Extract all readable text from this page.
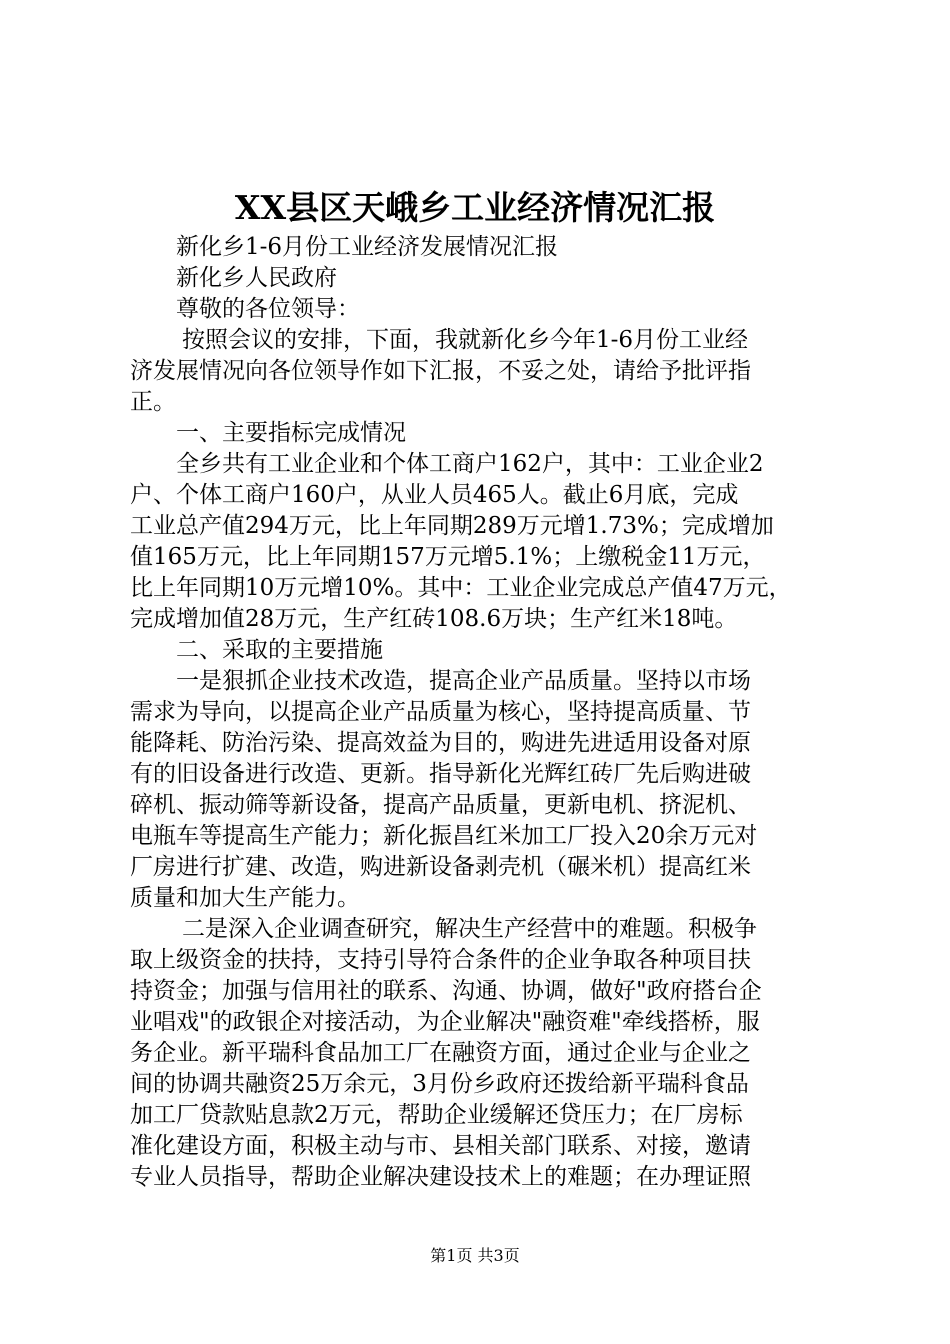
XX县区天峨乡工业经济情况汇报
新化乡1-6月份工业经济发展情况汇报
新化乡人民政府
尊敬的各位领导：
按照会议的安排，下面，我就新化乡今年1-6月份工业经
济发展情况向各位领导作如下汇报，不妥之处，请给予批评指
正。
一、主要指标完成情况
全乡共有工业企业和个体工商户162户，其中：工业企业2
户、个体工商户160户，从业人员465人。截止6月底，完成
工业总产值294万元，比上年同期289万元增1.73%；完成增加
值165万元，比上年同期157万元增5.1%；上缴税金11万元，
比上年同期10万元增10%。其中：工业企业完成总产值47万元，
完成增加值28万元，生产红砖108.6万块；生产红米18吨。
二、采取的主要措施
一是狠抓企业技术改造，提高企业产品质量。坚持以市场
需求为导向，以提高企业产品质量为核心，坚持提高质量、节
能降耗、防治污染、提高效益为目的，购进先进适用设备对原
有的旧设备进行改造、更新。指导新化光辉红砖厂先后购进破
碎机、振动筛等新设备，提高产品质量，更新电机、挤泥机、
电瓶车等提高生产能力；新化振昌红米加工厂投入20余万元对
厂房进行扩建、改造，购进新设备剥壳机（碾米机）提高红米
质量和加大生产能力。
二是深入企业调查研究，解决生产经营中的难题。积极争
取上级资金的扶持，支持引导符合条件的企业争取各种项目扶
持资金；加强与信用社的联系、沟通、协调，做好"政府搭台企
业唱戏"的政银企对接活动，为企业解决"融资难"牵线搭桥，服
务企业。新平瑞科食品加工厂在融资方面，通过企业与企业之
间的协调共融资25万余元，3月份乡政府还拨给新平瑞科食品
加工厂贷款贴息款2万元，帮助企业缓解还贷压力；在厂房标
准化建设方面，积极主动与市、县相关部门联系、对接，邀请
专业人员指导，帮助企业解决建设技术上的难题；在办理证照
第1页 共3页
